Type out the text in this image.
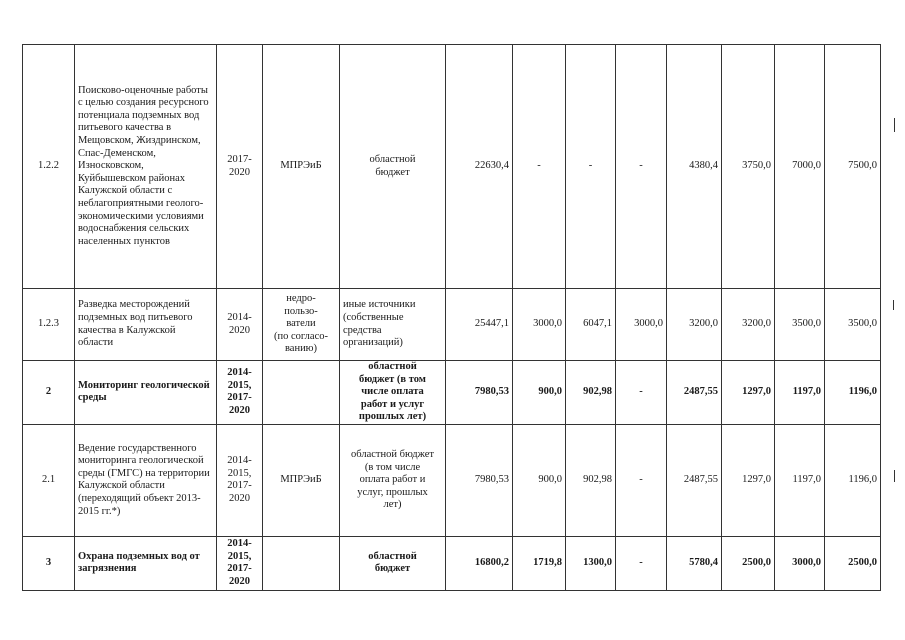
1.2.2	Поисково-оценочные работы с целью создания ресурсного потенциала подземных вод питьевого качества в Мещовском, Жиздринском, Спас-Деменском, Износковском, Куйбышевском районах Калужской области с неблагоприятными геолого-экономическими условиями водоснабжения сельских населенных пунктов	2017-
2020	МПРЭиБ	областной
бюджет	22630,4	-	-	-	4380,4	3750,0	7000,0	7500,0
1.2.3	Разведка месторождений подземных вод питьевого качества в Калужской области	2014-
2020	недро-
пользо-
ватели
(по согласо-
ванию)	иные источники
(собственные
средства
организаций)	25447,1	3000,0	6047,1	3000,0	3200,0	3200,0	3500,0	3500,0
2	Мониторинг геологической среды	2014-
2015,
2017-
2020		областной
бюджет (в том
числе оплата
работ и услуг
прошлых лет)	7980,53	900,0	902,98	-	2487,55	1297,0	1197,0	1196,0
2.1	Ведение государственного мониторинга геологической среды (ГМГС) на территории Калужской области (переходящий объект 2013-2015 гг.*)	2014-
2015,
2017-
2020	МПРЭиБ	областной бюджет
(в том числе
оплата работ и
услуг, прошлых
лет)	7980,53	900,0	902,98	-	2487,55	1297,0	1197,0	1196,0
3	Охрана подземных вод от загрязнения	2014-
2015,
2017-
2020		областной
бюджет	16800,2	1719,8	1300,0	-	5780,4	2500,0	3000,0	2500,0
